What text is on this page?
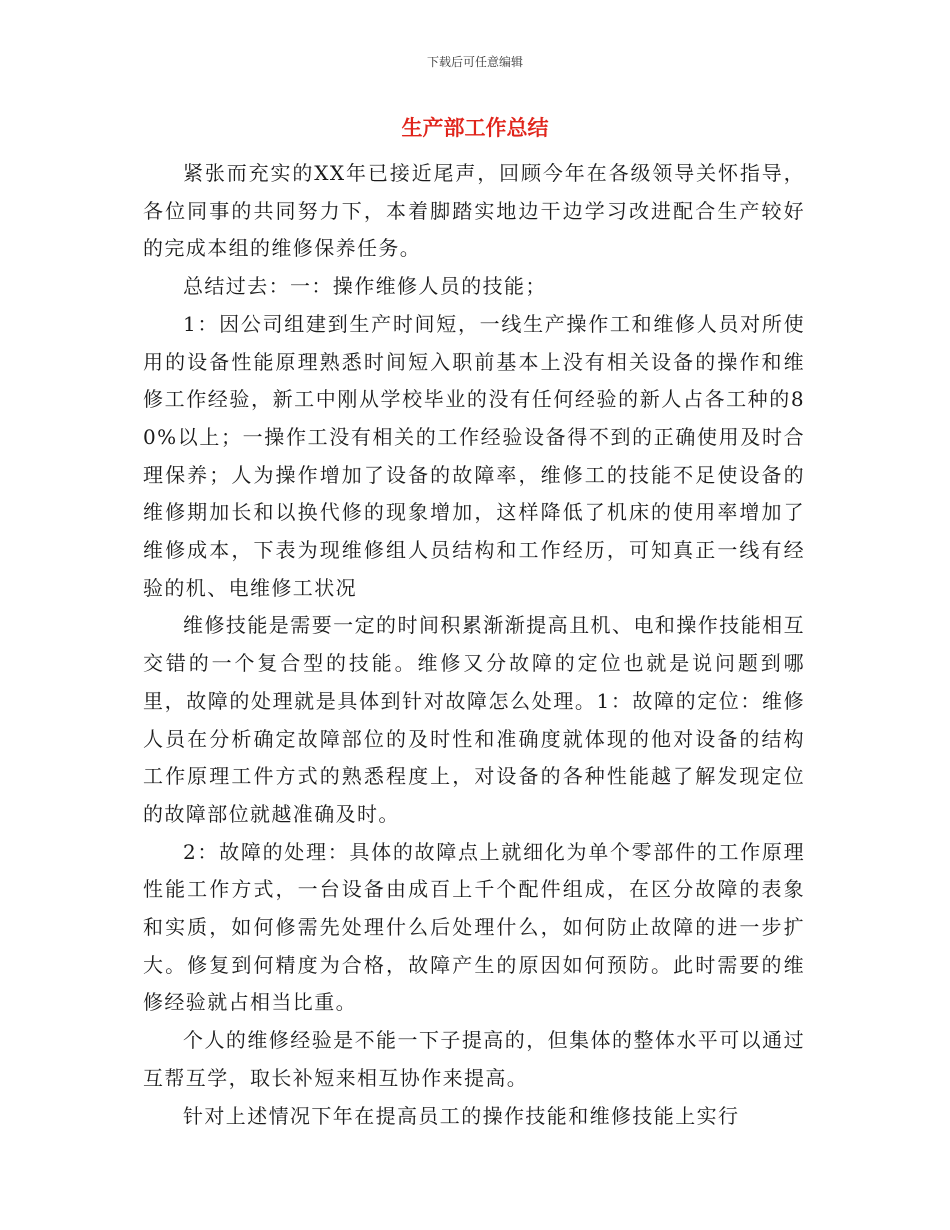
下载后可任意编辑
生产部工作总结

紧张而充实的XX年已接近尾声，回顾今年在各级领导关怀指导，各位同事的共同努力下，本着脚踏实地边干边学习改进配合生产较好的完成本组的维修保养任务。

总结过去：一：操作维修人员的技能；

1：因公司组建到生产时间短，一线生产操作工和维修人员对所使用的设备性能原理熟悉时间短入职前基本上没有相关设备的操作和维修工作经验，新工中刚从学校毕业的没有任何经验的新人占各工种的80%以上；一操作工没有相关的工作经验设备得不到的正确使用及时合理保养；人为操作增加了设备的故障率，维修工的技能不足使设备的维修期加长和以换代修的现象增加，这样降低了机床的使用率增加了维修成本，下表为现维修组人员结构和工作经历，可知真正一线有经验的机、电维修工状况

维修技能是需要一定的时间积累渐渐提高且机、电和操作技能相互交错的一个复合型的技能。维修又分故障的定位也就是说问题到哪里，故障的处理就是具体到针对故障怎么处理。1：故障的定位：维修人员在分析确定故障部位的及时性和准确度就体现的他对设备的结构工作原理工件方式的熟悉程度上，对设备的各种性能越了解发现定位的故障部位就越准确及时。

2：故障的处理：具体的故障点上就细化为单个零部件的工作原理性能工作方式，一台设备由成百上千个配件组成，在区分故障的表象和实质，如何修需先处理什么后处理什么，如何防止故障的进一步扩大。修复到何精度为合格，故障产生的原因如何预防。此时需要的维修经验就占相当比重。

个人的维修经验是不能一下子提高的，但集体的整体水平可以通过互帮互学，取长补短来相互协作来提高。

针对上述情况下年在提高员工的操作技能和维修技能上实行
